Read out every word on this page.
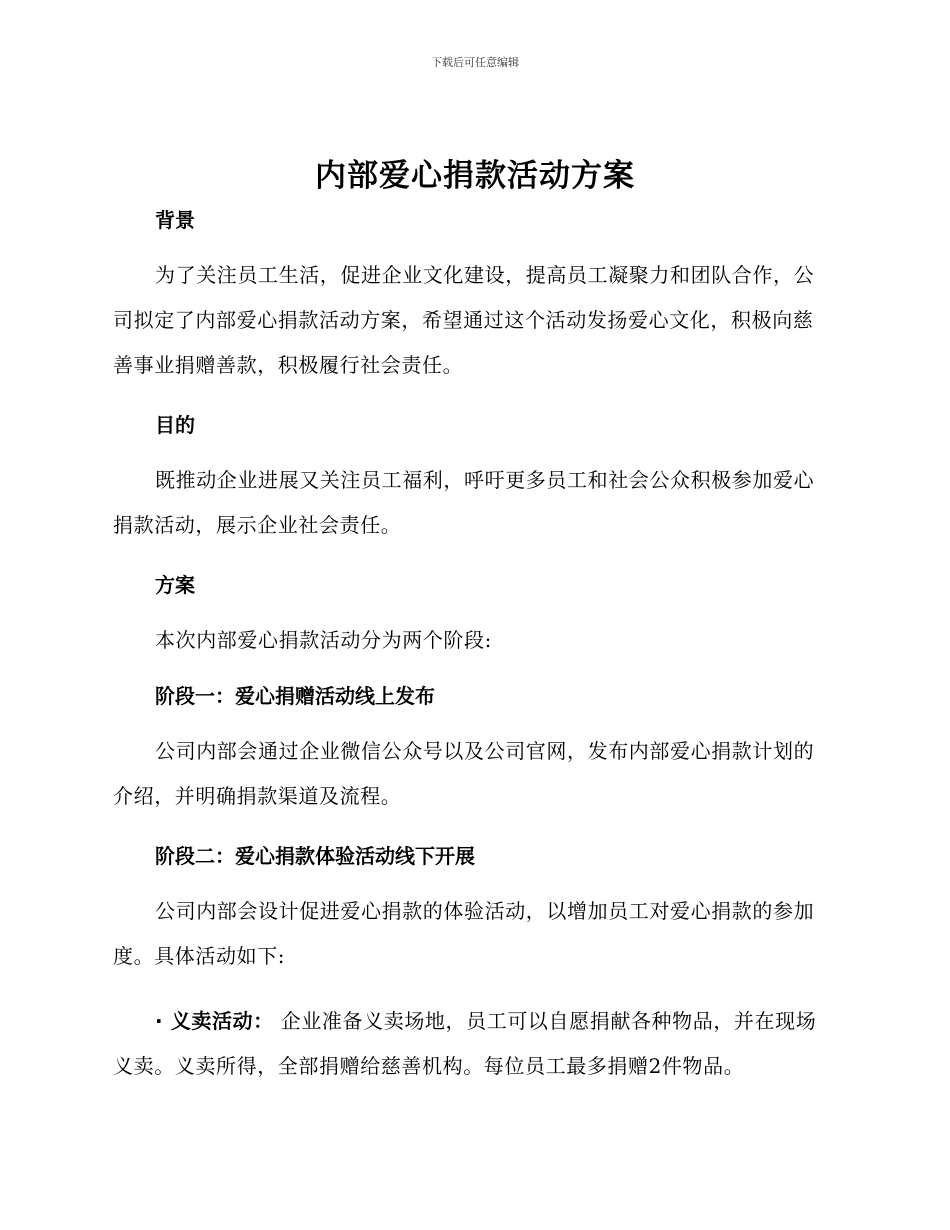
下载后可任意编辑
内部爱心捐款活动方案
背景

为了关注员工生活，促进企业文化建设，提高员工凝聚力和团队合作，公司拟定了内部爱心捐款活动方案，希望通过这个活动发扬爱心文化，积极向慈善事业捐赠善款，积极履行社会责任。

目的

既推动企业进展又关注员工福利，呼吁更多员工和社会公众积极参加爱心捐款活动，展示企业社会责任。

方案

本次内部爱心捐款活动分为两个阶段:

阶段一：爱心捐赠活动线上发布

公司内部会通过企业微信公众号以及公司官网，发布内部爱心捐款计划的介绍，并明确捐款渠道及流程。

阶段二：爱心捐款体验活动线下开展

公司内部会设计促进爱心捐款的体验活动，以增加员工对爱心捐款的参加度。具体活动如下:

· 义卖活动： 企业准备义卖场地，员工可以自愿捐献各种物品，并在现场义卖。义卖所得，全部捐赠给慈善机构。每位员工最多捐赠2件物品。
